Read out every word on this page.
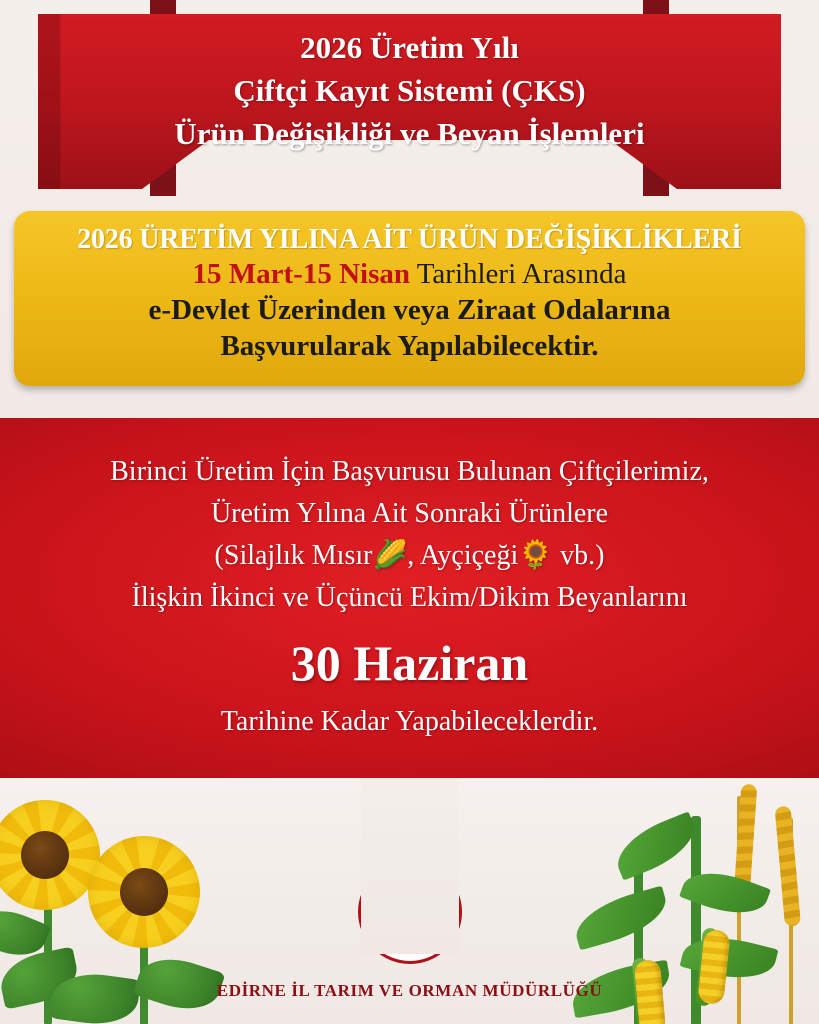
2026 Üretim Yılı
Çiftçi Kayıt Sistemi (ÇKS)
Ürün Değişikliği ve Beyan İşlemleri
2026 ÜRETİM YILINA AİT ÜRÜN DEĞİŞİKLİKLERİ
15 Mart-15 Nisan Tarihleri Arasında
e-Devlet Üzerinden veya Ziraat Odalarına
Başvurularak Yapılabilecektir.
Birinci Üretim İçin Başvurusu Bulunan Çiftçilerimiz,
Üretim Yılına Ait Sonraki Ürünlere
(Silajlık Mısır🌽, Ayçiçeği🌻 vb.)
İlişkin İkinci ve Üçüncü Ekim/Dikim Beyanlarını
30 Haziran
Tarihine Kadar Yapabileceklerdir.
EDİRNE İL TARIM VE ORMAN MÜDÜRLÜĞÜ
